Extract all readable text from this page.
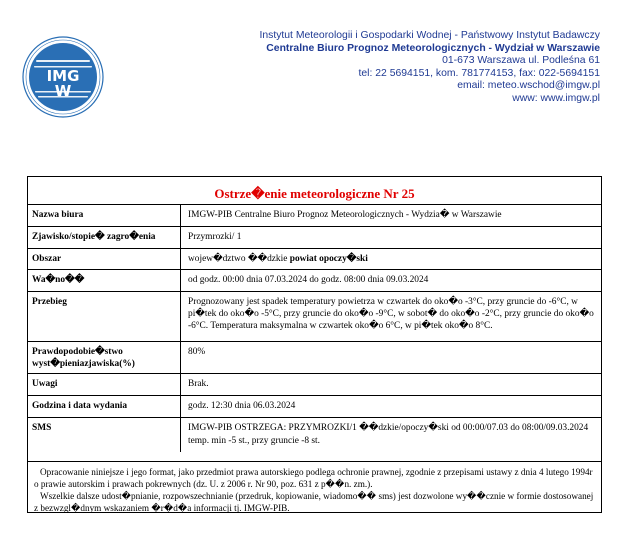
IMG
W
Instytut Meteorologii i Gospodarki Wodnej - Państwowy Instytut Badawczy
Centralne Biuro Prognoz Meteorologicznych - Wydział w Warszawie
01-673 Warszawa ul. Podleśna 61
tel: 22 5694151, kom. 781774153, fax: 022-5694151
email: meteo.wschod@imgw.pl
www: www.imgw.pl
Ostrze�enie meteorologiczne Nr 25
Nazwa biura	IMGW-PIB Centralne Biuro Prognoz Meteorologicznych - Wydzia� w Warszawie
Zjawisko/stopie� zagro�enia	Przymrozki/ 1
Obszar	wojew�dztwo ��dzkie powiat opoczy�ski
Wa�no��	od godz. 00:00 dnia 07.03.2024 do godz. 08:00 dnia 09.03.2024
Przebieg	Prognozowany jest spadek temperatury powietrza w czwartek do oko�o -3°C, przy gruncie do -6°C, w pi�tek do oko�o -5°C, przy gruncie do oko�o -9°C, w sobot� do oko�o -2°C, przy gruncie do oko�o -6°C. Temperatura maksymalna w czwartek oko�o 6°C, w pi�tek oko�o 8°C.
Prawdopodobie�stwo wyst�pieniazjawiska(%)	80%
Uwagi	Brak.
Godzina i data wydania	godz. 12:30 dnia 06.03.2024
SMS	IMGW-PIB OSTRZEGA: PRZYMROZKI/1 ��dzkie/opoczy�ski od 00:00/07.03 do 08:00/09.03.2024 temp. min -5 st., przy gruncie -8 st.

Opracowanie niniejsze i jego format, jako przedmiot prawa autorskiego podlega ochronie prawnej, zgodnie z przepisami ustawy z dnia 4 lutego 1994r o prawie autorskim i prawach pokrewnych (dz. U. z 2006 r. Nr 90, poz. 631 z p��n. zm.).

Wszelkie dalsze udost�pnianie, rozpowszechnianie (przedruk, kopiowanie, wiadomo�� sms) jest dozwolone wy��cznie w formie dostosowanej z bezwzgl�dnym wskazaniem �r�d�a informacji tj. IMGW-PIB.
